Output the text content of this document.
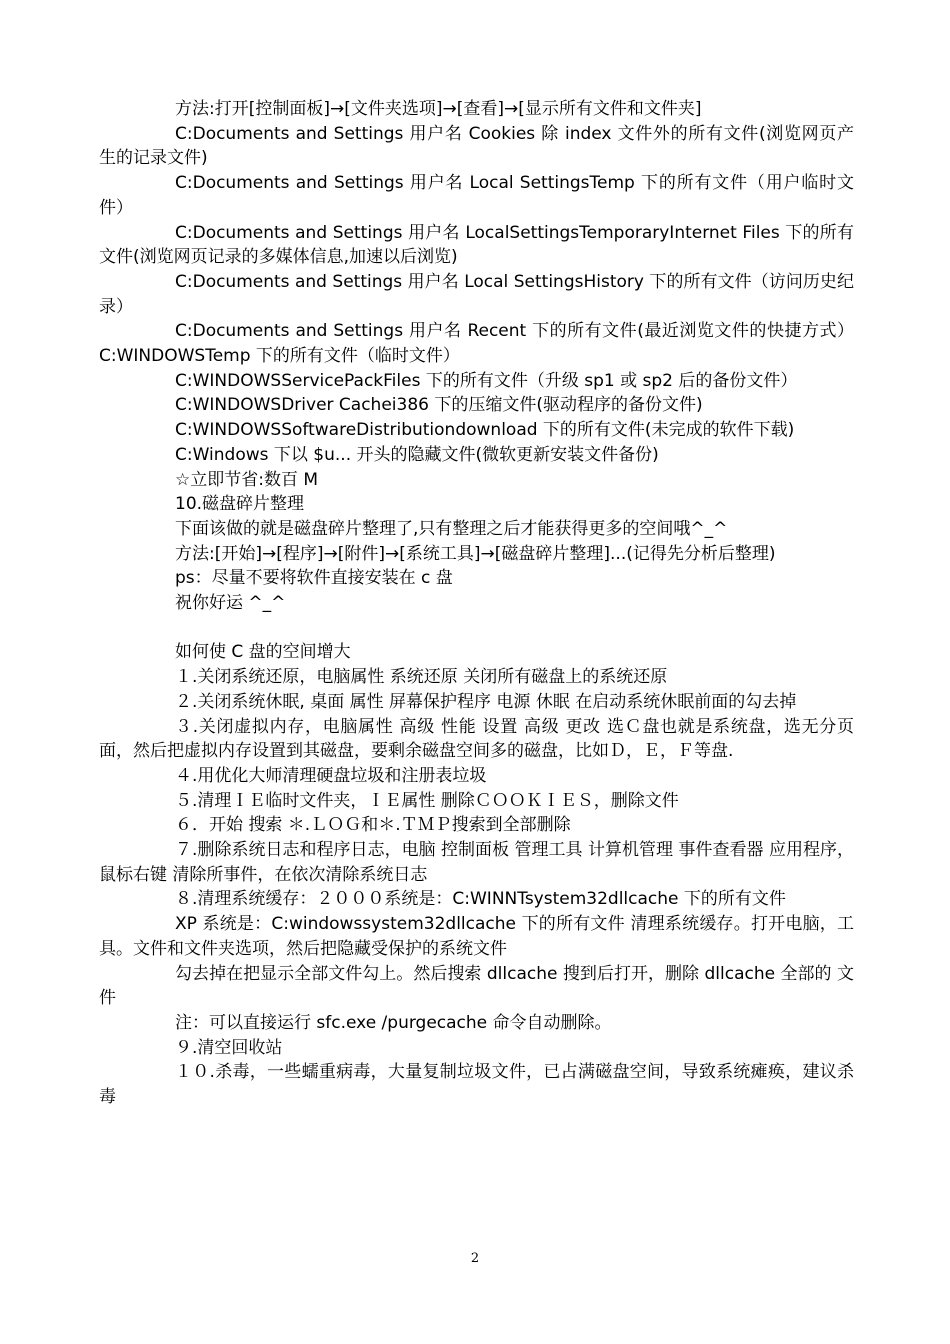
方法:打开[控制面板]→[文件夹选项]→[查看]→[显示所有文件和文件夹]

C:Documents and Settings 用户名 Cookies 除 index 文件外的所有文件(浏览网页产生的记录文件)

C:Documents and Settings 用户名 Local SettingsTemp 下的所有文件（用户临时文件）

C:Documents and Settings 用户名 LocalSettingsTemporaryInternet Files 下的所有文件(浏览网页记录的多媒体信息,加速以后浏览)

C:Documents and Settings 用户名 Local SettingsHistory 下的所有文件（访问历史纪录）

C:Documents and Settings 用户名 Recent 下的所有文件(最近浏览文件的快捷方式） C:WINDOWSTemp 下的所有文件（临时文件）

C:WINDOWSServicePackFiles 下的所有文件（升级 sp1 或 sp2 后的备份文件）

C:WINDOWSDriver Cachei386 下的压缩文件(驱动程序的备份文件)

C:WINDOWSSoftwareDistributiondownload 下的所有文件(未完成的软件下载)

C:Windows 下以 $u... 开头的隐藏文件(微软更新安装文件备份)

☆立即节省:数百 M

10.磁盘碎片整理

下面该做的就是磁盘碎片整理了,只有整理之后才能获得更多的空间哦^_^

方法:[开始]→[程序]→[附件]→[系统工具]→[磁盘碎片整理]...(记得先分析后整理)

ps：尽量不要将软件直接安装在 c 盘

祝你好运 ^_^

如何使 C 盘的空间增大

１.关闭系统还原，电脑属性 系统还原 关闭所有磁盘上的系统还原

２.关闭系统休眠, 桌面 属性 屏幕保护程序 电源 休眠 在启动系统休眠前面的勾去掉

３.关闭虚拟内存，电脑属性 高级 性能 设置 高级 更改 选Ｃ盘也就是系统盘，选无分页面，然后把虚拟内存设置到其磁盘，要剩余磁盘空间多的磁盘，比如Ｄ，Ｅ，Ｆ等盘.

４.用优化大师清理硬盘垃圾和注册表垃圾

５.清理ＩＥ临时文件夹，ＩＥ属性 删除ＣＯＯＫＩＥＳ，删除文件

６．开始 搜索 ＊.ＬＯＧ和＊.ＴＭＰ搜索到全部删除

７.删除系统日志和程序日志，电脑 控制面板 管理工具 计算机管理 事件查看器 应用程序，鼠标右键 清除所事件，在依次清除系统日志

８.清理系统缓存：２０００系统是：C:WINNTsystem32dllcache 下的所有文件

XP 系统是：C:windowssystem32dllcache 下的所有文件 清理系统缓存。打开电脑，工具。文件和文件夹选项，然后把隐藏受保护的系统文件

勾去掉在把显示全部文件勾上。然后搜索 dllcache 搜到后打开，删除 dllcache 全部的 文件

注：可以直接运行 sfc.exe /purgecache 命令自动删除。

９.清空回收站

１０.杀毒，一些蠕重病毒，大量复制垃圾文件，已占满磁盘空间，导致系统瘫痪，建议杀毒

2
